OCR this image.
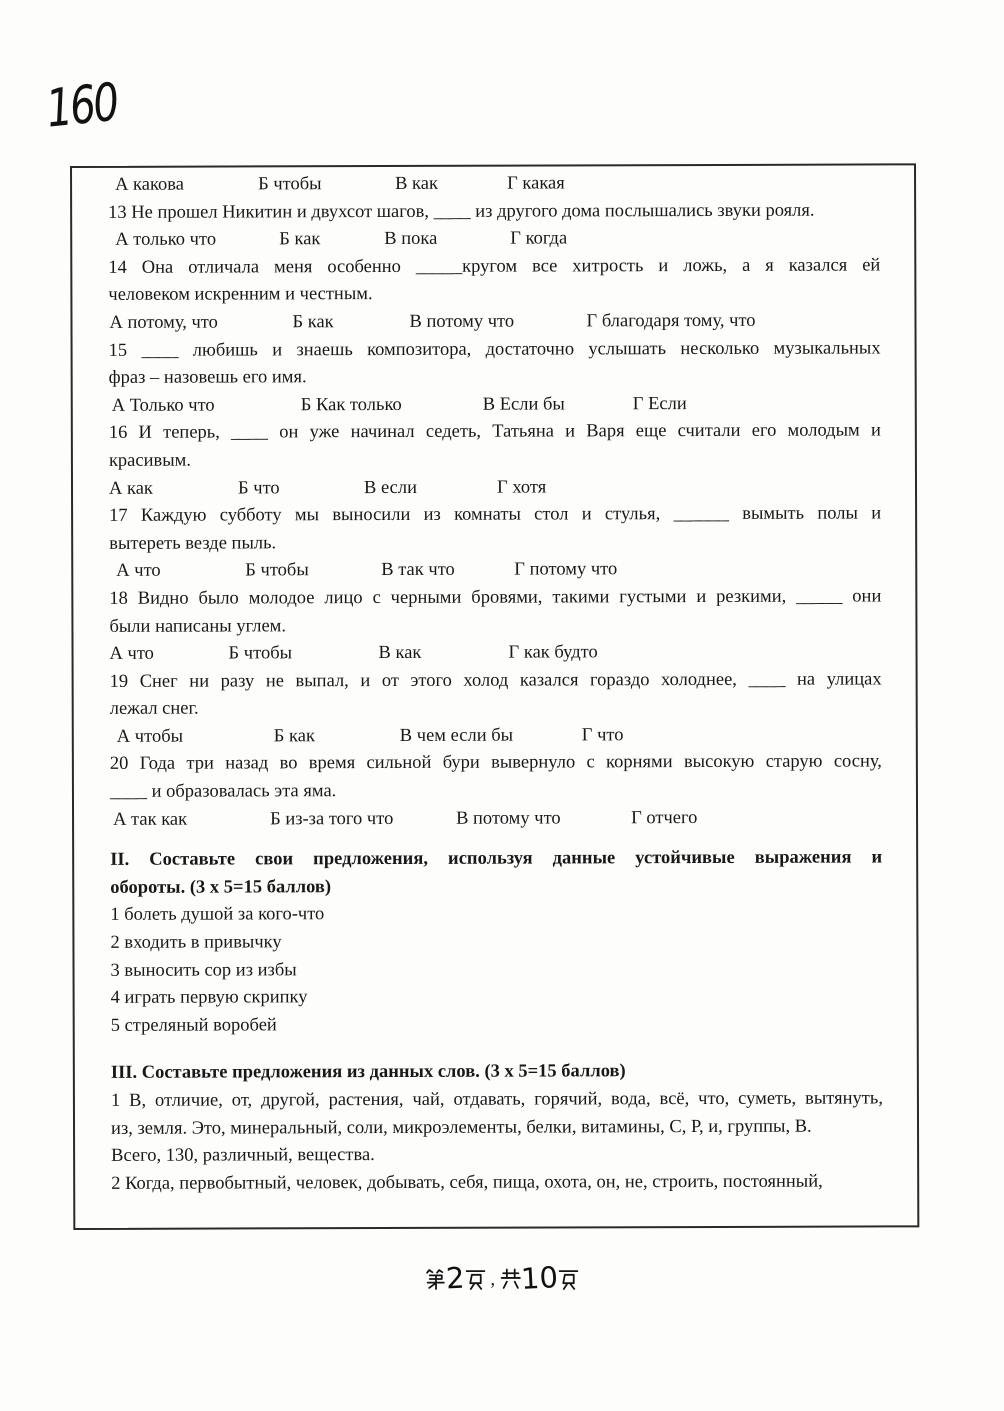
160
А какова	Б чтобы	В как	Г какая
13 Не прошел Никитин и двухсот шагов, ____ из другого дома послышались звуки рояля.
А только что	Б как	В пока	Г когда
14 Она отличала меня особенно _____кругом все хитрость и ложь, а я казался ей
человеком искренним и честным.
А потому, что	Б как	В потому что	Г благодаря тому, что
15 ____ любишь и знаешь композитора, достаточно услышать несколько музыкальных
фраз – назовешь его имя.
А Только что	Б Как только	В Если бы	Г Если
16 И теперь, ____ он уже начинал седеть, Татьяна и Варя еще считали его молодым и
красивым.
А как	Б что	В если	Г хотя
17 Каждую субботу мы выносили из комнаты стол и стулья, ______ вымыть полы и
вытереть везде пыль.
А что	Б чтобы	В так что	Г потому что
18 Видно было молодое лицо с черными бровями, такими густыми и резкими, _____ они
были написаны углем.
А что	Б чтобы	В как	Г как будто
19 Снег ни разу не выпал, и от этого холод казался гораздо холоднее, ____ на улицах
лежал снег.
А чтобы	Б как	В чем если бы	Г что
20 Года три назад во время сильной бури вывернуло с корнями высокую старую сосну,
____ и образовалась эта яма.
А так как	Б из-за того что	В потому что	Г отчего
II. Составьте свои предложения, используя данные устойчивые выражения и
обороты. (3 x 5=15 баллов)
1 болеть душой за кого-что
2 входить в привычку
3 выносить сор из избы
4 играть первую скрипку
5 стреляный воробей
III. Составьте предложения из данных слов. (3 x 5=15 баллов)
1 В, отличие, от, другой, растения, чай, отдавать, горячий, вода, всё, что, суметь, вытянуть,
из, земля. Это, минеральный, соли, микроэлементы, белки, витамины, С, Р, и, группы, В.
Всего, 130, различный, вещества.
2 Когда, первобытный, человек, добывать, себя, пища, охота, он, не, строить, постоянный,
2 , 10
